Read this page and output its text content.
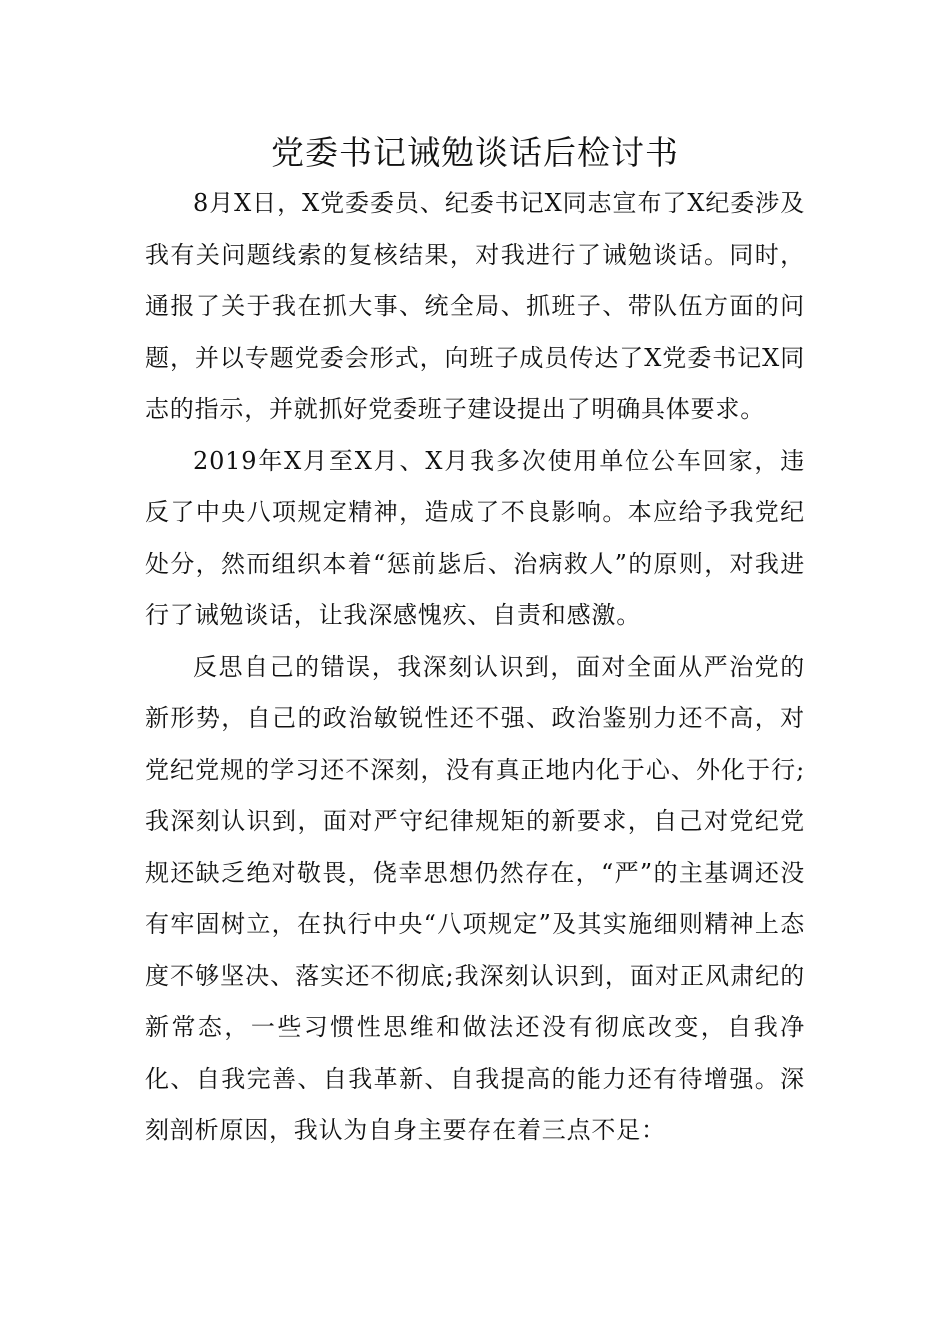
党委书记诫勉谈话后检讨书

8月X日，X党委委员、纪委书记X同志宣布了X纪委涉及我有关问题线索的复核结果，对我进行了诫勉谈话。同时，通报了关于我在抓大事、统全局、抓班子、带队伍方面的问题，并以专题党委会形式，向班子成员传达了X党委书记X同志的指示，并就抓好党委班子建设提出了明确具体要求。

2019年X月至X月、X月我多次使用单位公车回家，违反了中央八项规定精神，造成了不良影响。本应给予我党纪处分，然而组织本着“惩前毖后、治病救人”的原则，对我进行了诫勉谈话，让我深感愧疚、自责和感激。

反思自己的错误，我深刻认识到，面对全面从严治党的新形势，自己的政治敏锐性还不强、政治鉴别力还不高，对党纪党规的学习还不深刻，没有真正地内化于心、外化于行;我深刻认识到，面对严守纪律规矩的新要求，自己对党纪党规还缺乏绝对敬畏，侥幸思想仍然存在，“严”的主基调还没有牢固树立，在执行中央“八项规定”及其实施细则精神上态度不够坚决、落实还不彻底;我深刻认识到，面对正风肃纪的新常态，一些习惯性思维和做法还没有彻底改变，自我净化、自我完善、自我革新、自我提高的能力还有待增强。深刻剖析原因，我认为自身主要存在着三点不足：
